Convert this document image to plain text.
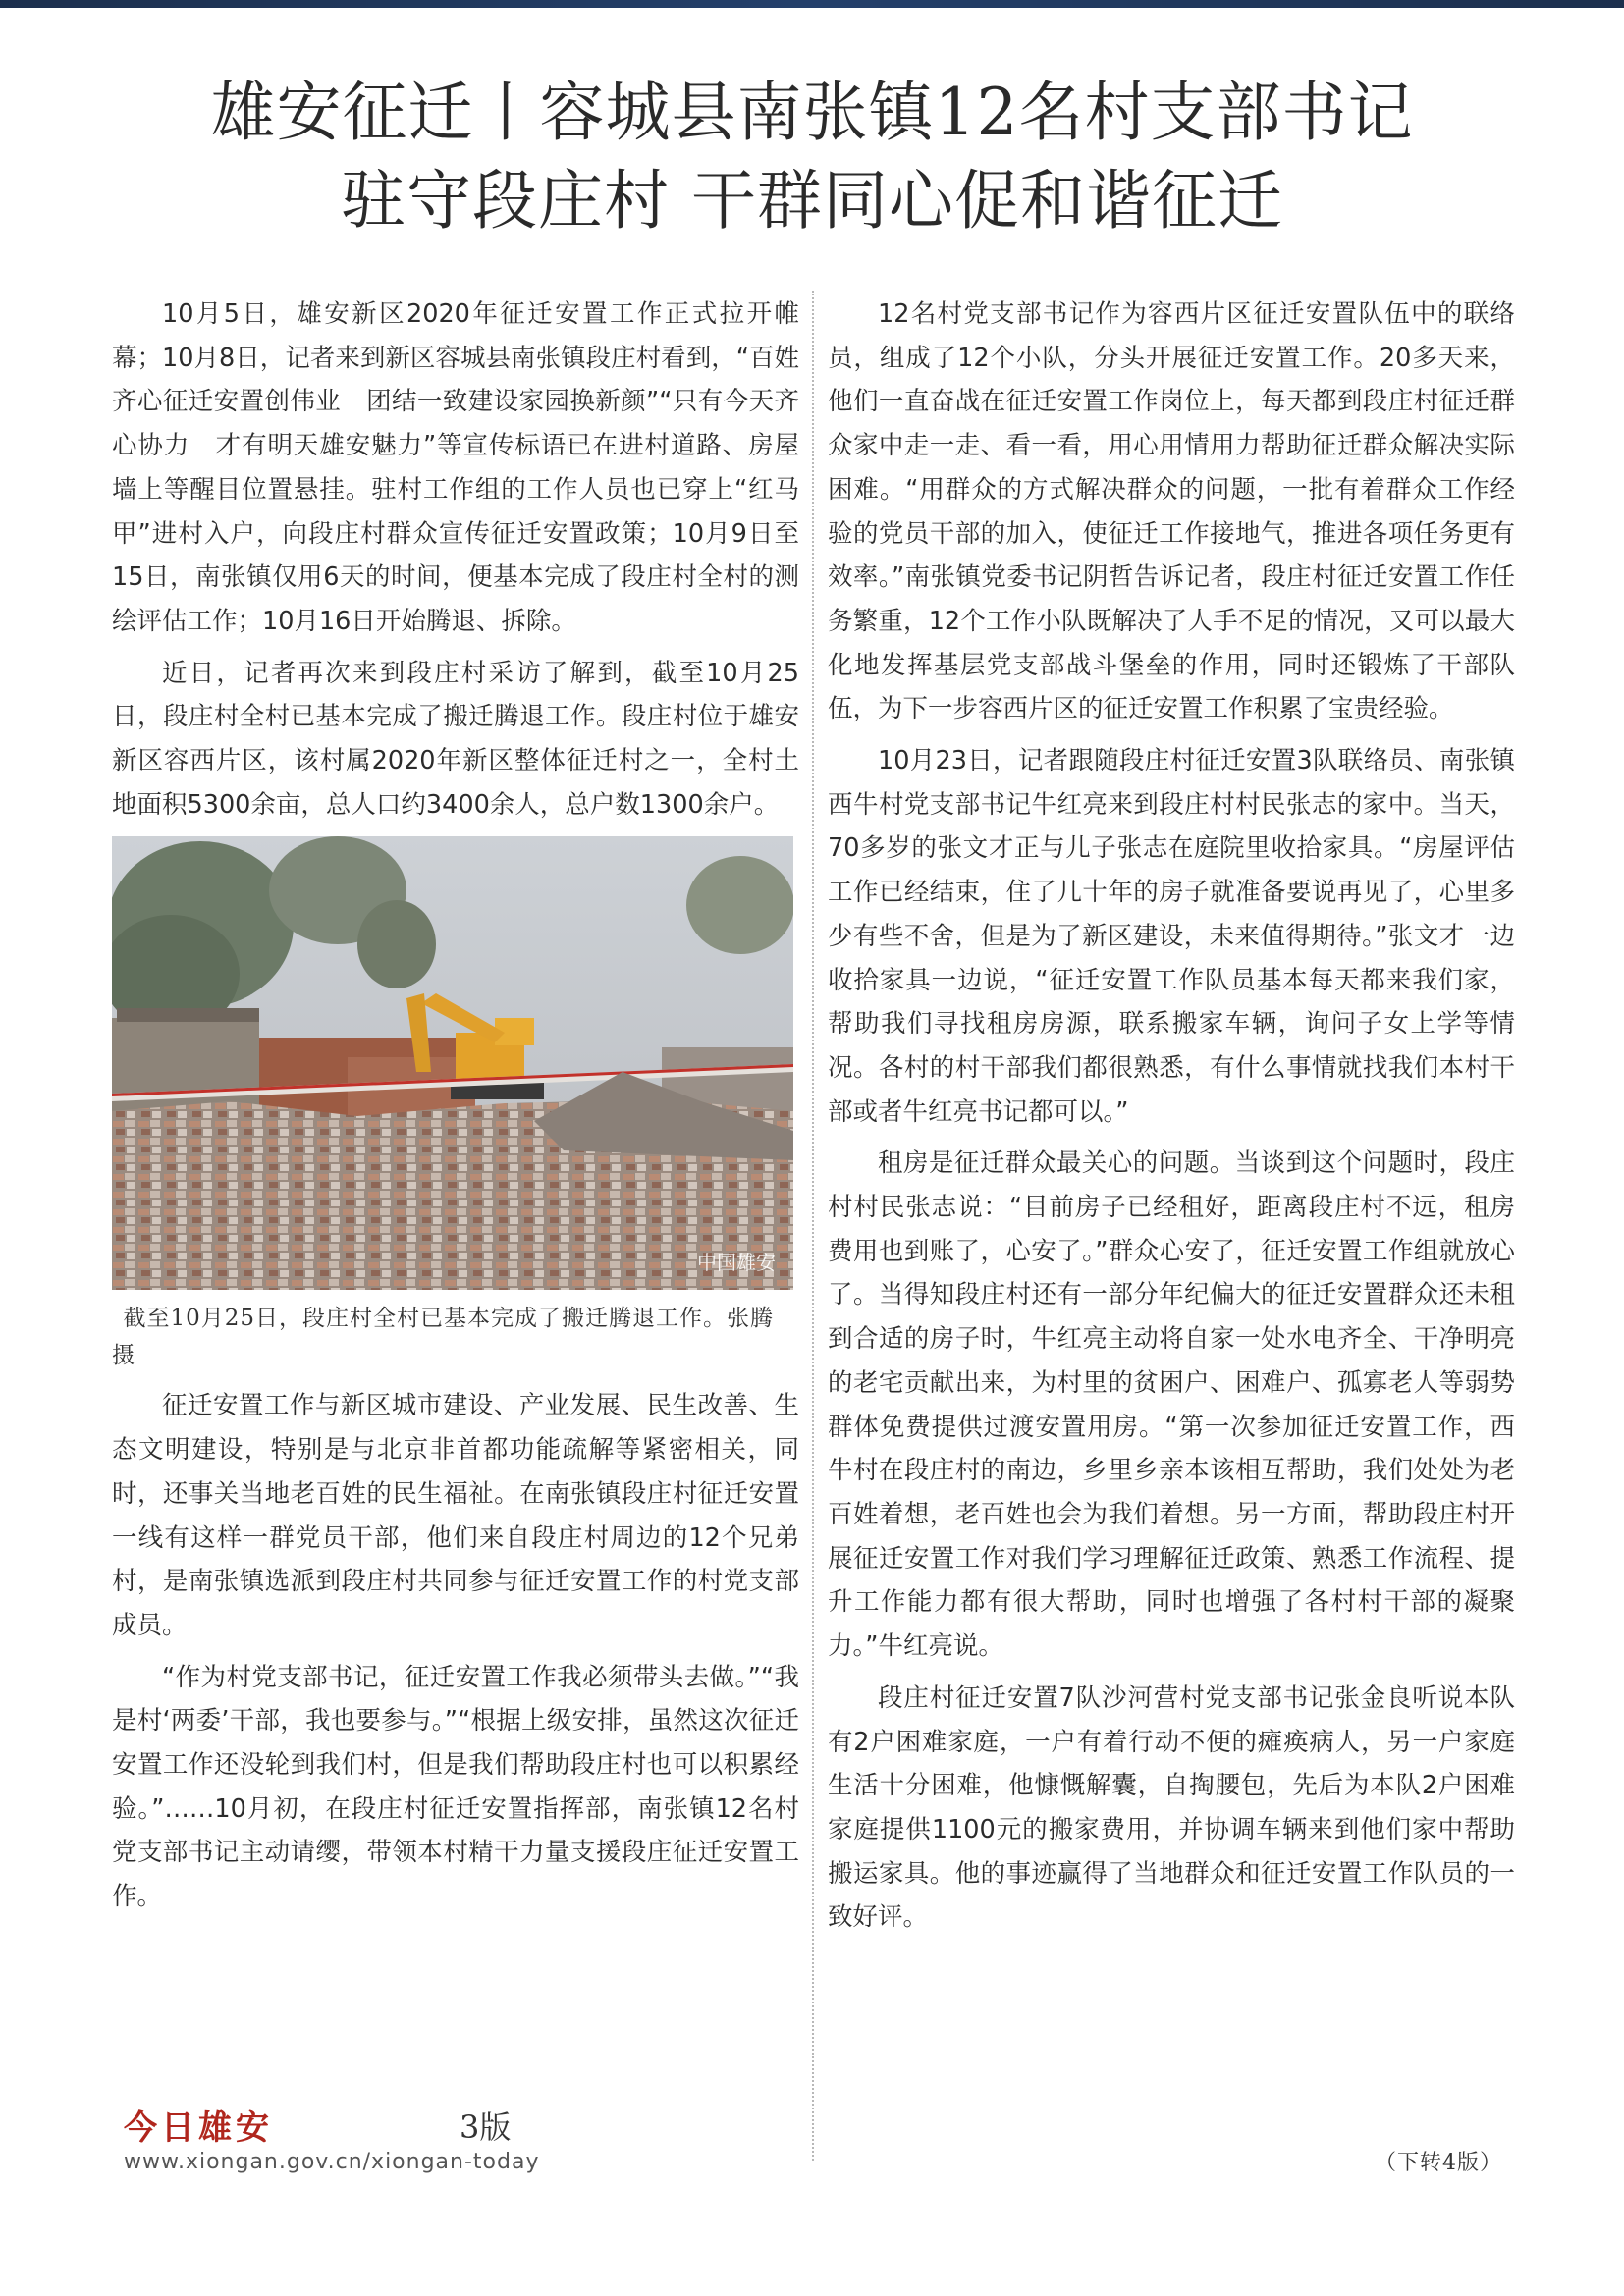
雄安征迁丨容城县南张镇12名村支部书记
驻守段庄村 干群同心促和谐征迁

10月5日，雄安新区2020年征迁安置工作正式拉开帷幕；10月8日，记者来到新区容城县南张镇段庄村看到，“百姓齐心征迁安置创伟业　团结一致建设家园换新颜”“只有今天齐心协力　才有明天雄安魅力”等宣传标语已在进村道路、房屋墙上等醒目位置悬挂。驻村工作组的工作人员也已穿上“红马甲”进村入户，向段庄村群众宣传征迁安置政策；10月9日至15日，南张镇仅用6天的时间，便基本完成了段庄村全村的测绘评估工作；10月16日开始腾退、拆除。

近日，记者再次来到段庄村采访了解到，截至10月25日，段庄村全村已基本完成了搬迁腾退工作。段庄村位于雄安新区容西片区，该村属2020年新区整体征迁村之一，全村土地面积5300余亩，总人口约3400余人，总户数1300余户。

中国雄安
截至10月25日，段庄村全村已基本完成了搬迁腾退工作。张腾 摄

征迁安置工作与新区城市建设、产业发展、民生改善、生态文明建设，特别是与北京非首都功能疏解等紧密相关，同时，还事关当地老百姓的民生福祉。在南张镇段庄村征迁安置一线有这样一群党员干部，他们来自段庄村周边的12个兄弟村，是南张镇选派到段庄村共同参与征迁安置工作的村党支部成员。

“作为村党支部书记，征迁安置工作我必须带头去做。”“我是村‘两委’干部，我也要参与。”“根据上级安排，虽然这次征迁安置工作还没轮到我们村，但是我们帮助段庄村也可以积累经验。”……10月初，在段庄村征迁安置指挥部，南张镇12名村党支部书记主动请缨，带领本村精干力量支援段庄征迁安置工作。

12名村党支部书记作为容西片区征迁安置队伍中的联络员，组成了12个小队，分头开展征迁安置工作。20多天来，他们一直奋战在征迁安置工作岗位上，每天都到段庄村征迁群众家中走一走、看一看，用心用情用力帮助征迁群众解决实际困难。“用群众的方式解决群众的问题，一批有着群众工作经验的党员干部的加入，使征迁工作接地气，推进各项任务更有效率。”南张镇党委书记阴哲告诉记者，段庄村征迁安置工作任务繁重，12个工作小队既解决了人手不足的情况，又可以最大化地发挥基层党支部战斗堡垒的作用，同时还锻炼了干部队伍，为下一步容西片区的征迁安置工作积累了宝贵经验。

10月23日，记者跟随段庄村征迁安置3队联络员、南张镇西牛村党支部书记牛红亮来到段庄村村民张志的家中。当天，70多岁的张文才正与儿子张志在庭院里收拾家具。“房屋评估工作已经结束，住了几十年的房子就准备要说再见了，心里多少有些不舍，但是为了新区建设，未来值得期待。”张文才一边收拾家具一边说，“征迁安置工作队员基本每天都来我们家，帮助我们寻找租房房源，联系搬家车辆，询问子女上学等情况。各村的村干部我们都很熟悉，有什么事情就找我们本村干部或者牛红亮书记都可以。”

租房是征迁群众最关心的问题。当谈到这个问题时，段庄村村民张志说：“目前房子已经租好，距离段庄村不远，租房费用也到账了，心安了。”群众心安了，征迁安置工作组就放心了。当得知段庄村还有一部分年纪偏大的征迁安置群众还未租到合适的房子时，牛红亮主动将自家一处水电齐全、干净明亮的老宅贡献出来，为村里的贫困户、困难户、孤寡老人等弱势群体免费提供过渡安置用房。“第一次参加征迁安置工作，西牛村在段庄村的南边，乡里乡亲本该相互帮助，我们处处为老百姓着想，老百姓也会为我们着想。另一方面，帮助段庄村开展征迁安置工作对我们学习理解征迁政策、熟悉工作流程、提升工作能力都有很大帮助，同时也增强了各村村干部的凝聚力。”牛红亮说。

段庄村征迁安置7队沙河营村党支部书记张金良听说本队有2户困难家庭，一户有着行动不便的瘫痪病人，另一户家庭生活十分困难，他慷慨解囊，自掏腰包，先后为本队2户困难家庭提供1100元的搬家费用，并协调车辆来到他们家中帮助搬运家具。他的事迹赢得了当地群众和征迁安置工作队员的一致好评。

今日雄安	3版
www.xiongan.gov.cn/xiongan-today	（下转4版）
